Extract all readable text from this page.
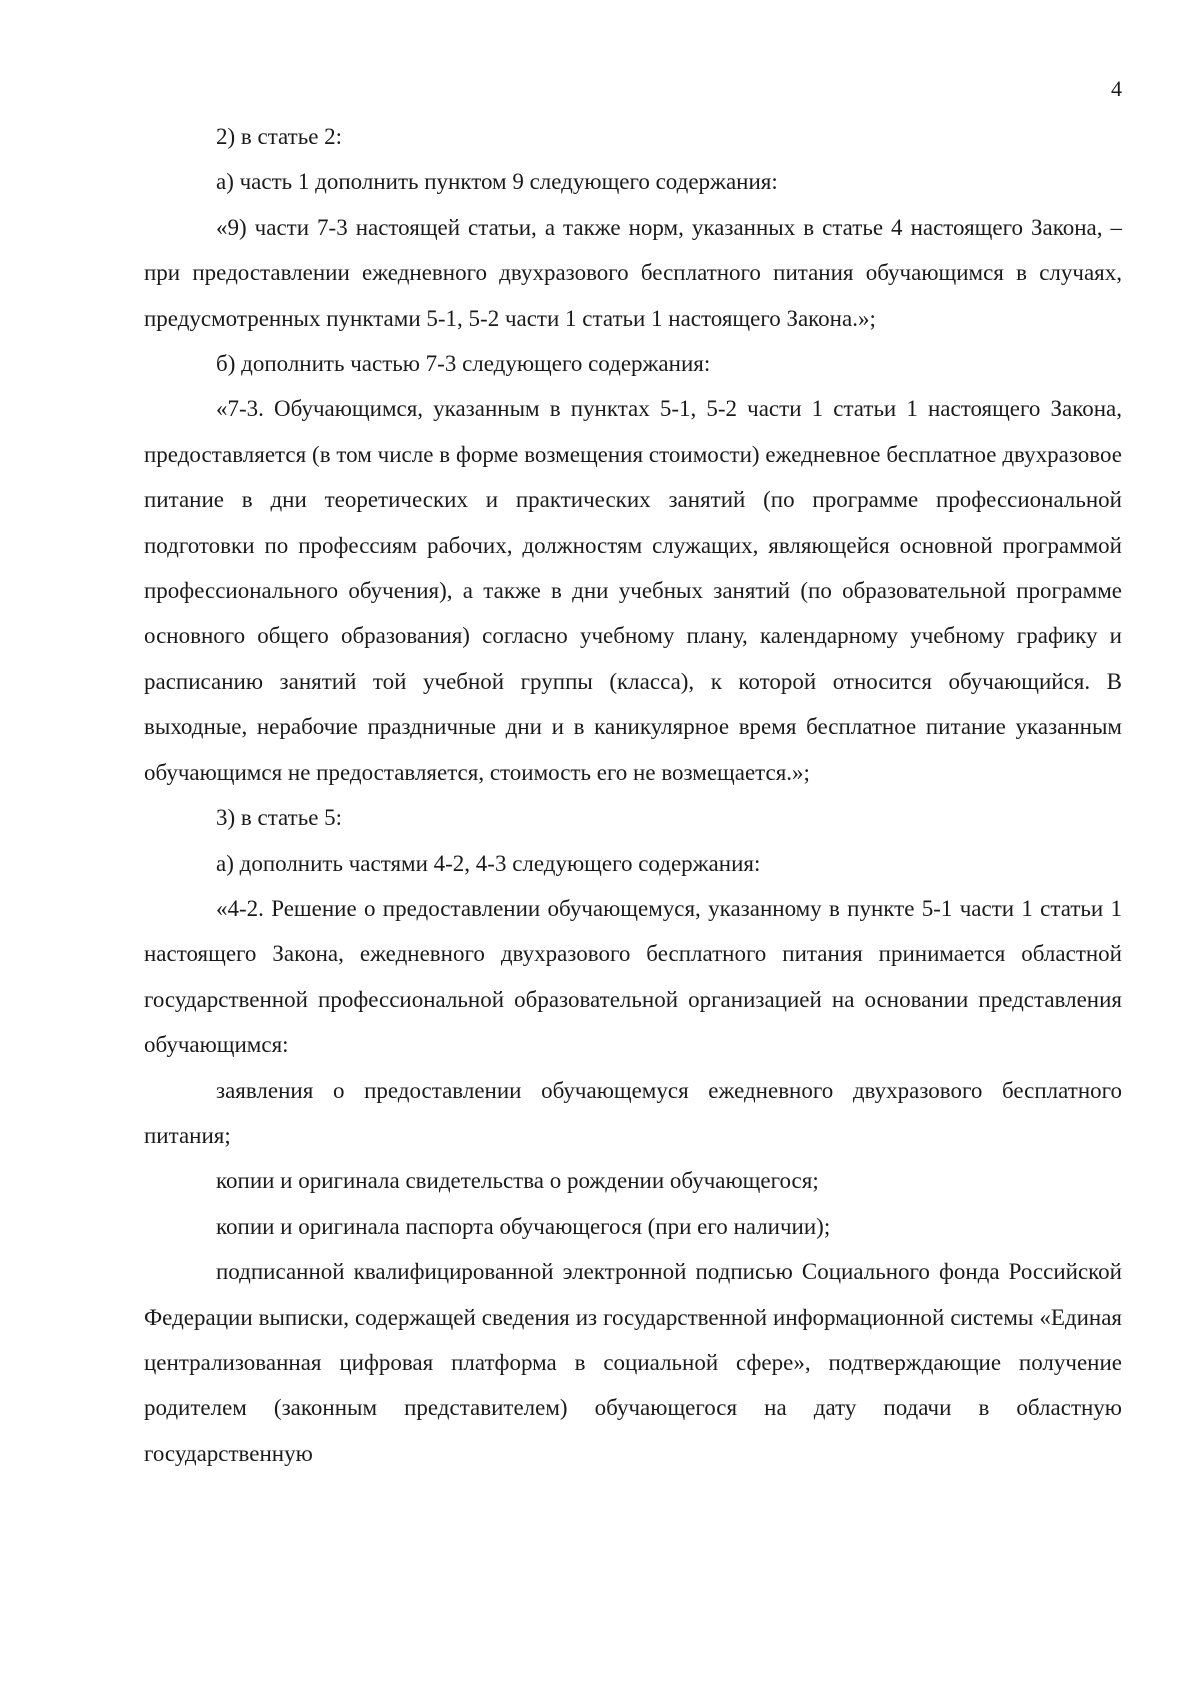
4

2) в статье 2:

а) часть 1 дополнить пунктом 9 следующего содержания:

«9) части 7-3 настоящей статьи, а также норм, указанных в статье 4 настоящего Закона, – при предоставлении ежедневного двухразового бесплатного питания обучающимся в случаях, предусмотренных пунктами 5-1, 5-2 части 1 статьи 1 настоящего Закона.»;

б) дополнить частью 7-3 следующего содержания:

«7-3. Обучающимся, указанным в пунктах 5-1, 5-2 части 1 статьи 1 настоящего Закона, предоставляется (в том числе в форме возмещения стоимости) ежедневное бесплатное двухразовое питание в дни теоретических и практических занятий (по программе профессиональной подготовки по профессиям рабочих, должностям служащих, являющейся основной программой профессионального обучения), а также в дни учебных занятий (по образовательной программе основного общего образования) согласно учебному плану, календарному учебному графику и расписанию занятий той учебной группы (класса), к которой относится обучающийся. В выходные, нерабочие праздничные дни и в каникулярное время бесплатное питание указанным обучающимся не предоставляется, стоимость его не возмещается.»;

3) в статье 5:

а) дополнить частями 4-2, 4-3 следующего содержания:

«4-2. Решение о предоставлении обучающемуся, указанному в пункте 5-1 части 1 статьи 1 настоящего Закона, ежедневного двухразового бесплатного питания принимается областной государственной профессиональной образовательной организацией на основании представления обучающимся:

заявления о предоставлении обучающемуся ежедневного двухразового бесплатного питания;

копии и оригинала свидетельства о рождении обучающегося;

копии и оригинала паспорта обучающегося (при его наличии);

подписанной квалифицированной электронной подписью Социального фонда Российской Федерации выписки, содержащей сведения из государственной информационной системы «Единая централизованная цифровая платформа в социальной сфере», подтверждающие получение родителем (законным представителем) обучающегося на дату подачи в областную государственную
